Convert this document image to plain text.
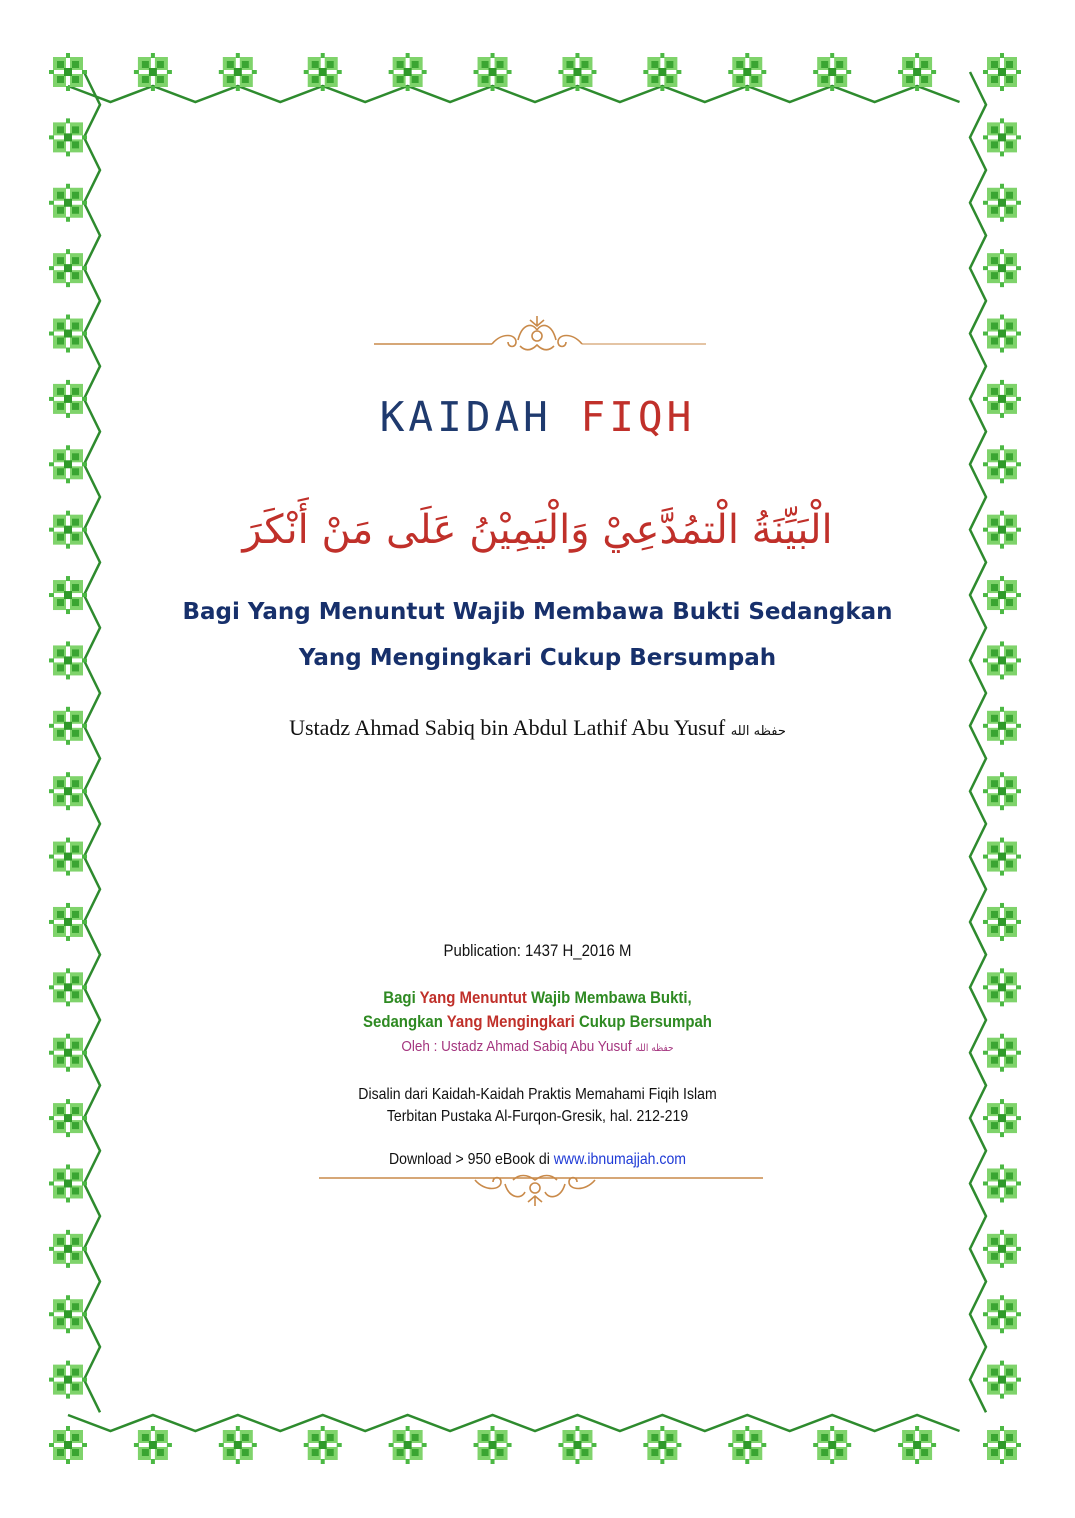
KAIDAH FIQH
الْبَيِّنَةُ الْتمُدَّعِيْ وَالْيَمِيْنُ عَلَى مَنْ أَنْكَرَ
Bagi Yang Menuntut Wajib Membawa Bukti Sedangkan
Yang Mengingkari Cukup Bersumpah
Ustadz Ahmad Sabiq bin Abdul Lathif Abu Yusuf حفظه الله
Publication: 1437 H_2016 M
Bagi Yang Menuntut Wajib Membawa Bukti,
Sedangkan Yang Mengingkari Cukup Bersumpah
Oleh : Ustadz Ahmad Sabiq Abu Yusuf حفظه الله
Disalin dari Kaidah-Kaidah Praktis Memahami Fiqih Islam
Terbitan Pustaka Al-Furqon-Gresik, hal. 212-219
Download > 950 eBook di www.ibnumajjah.com
